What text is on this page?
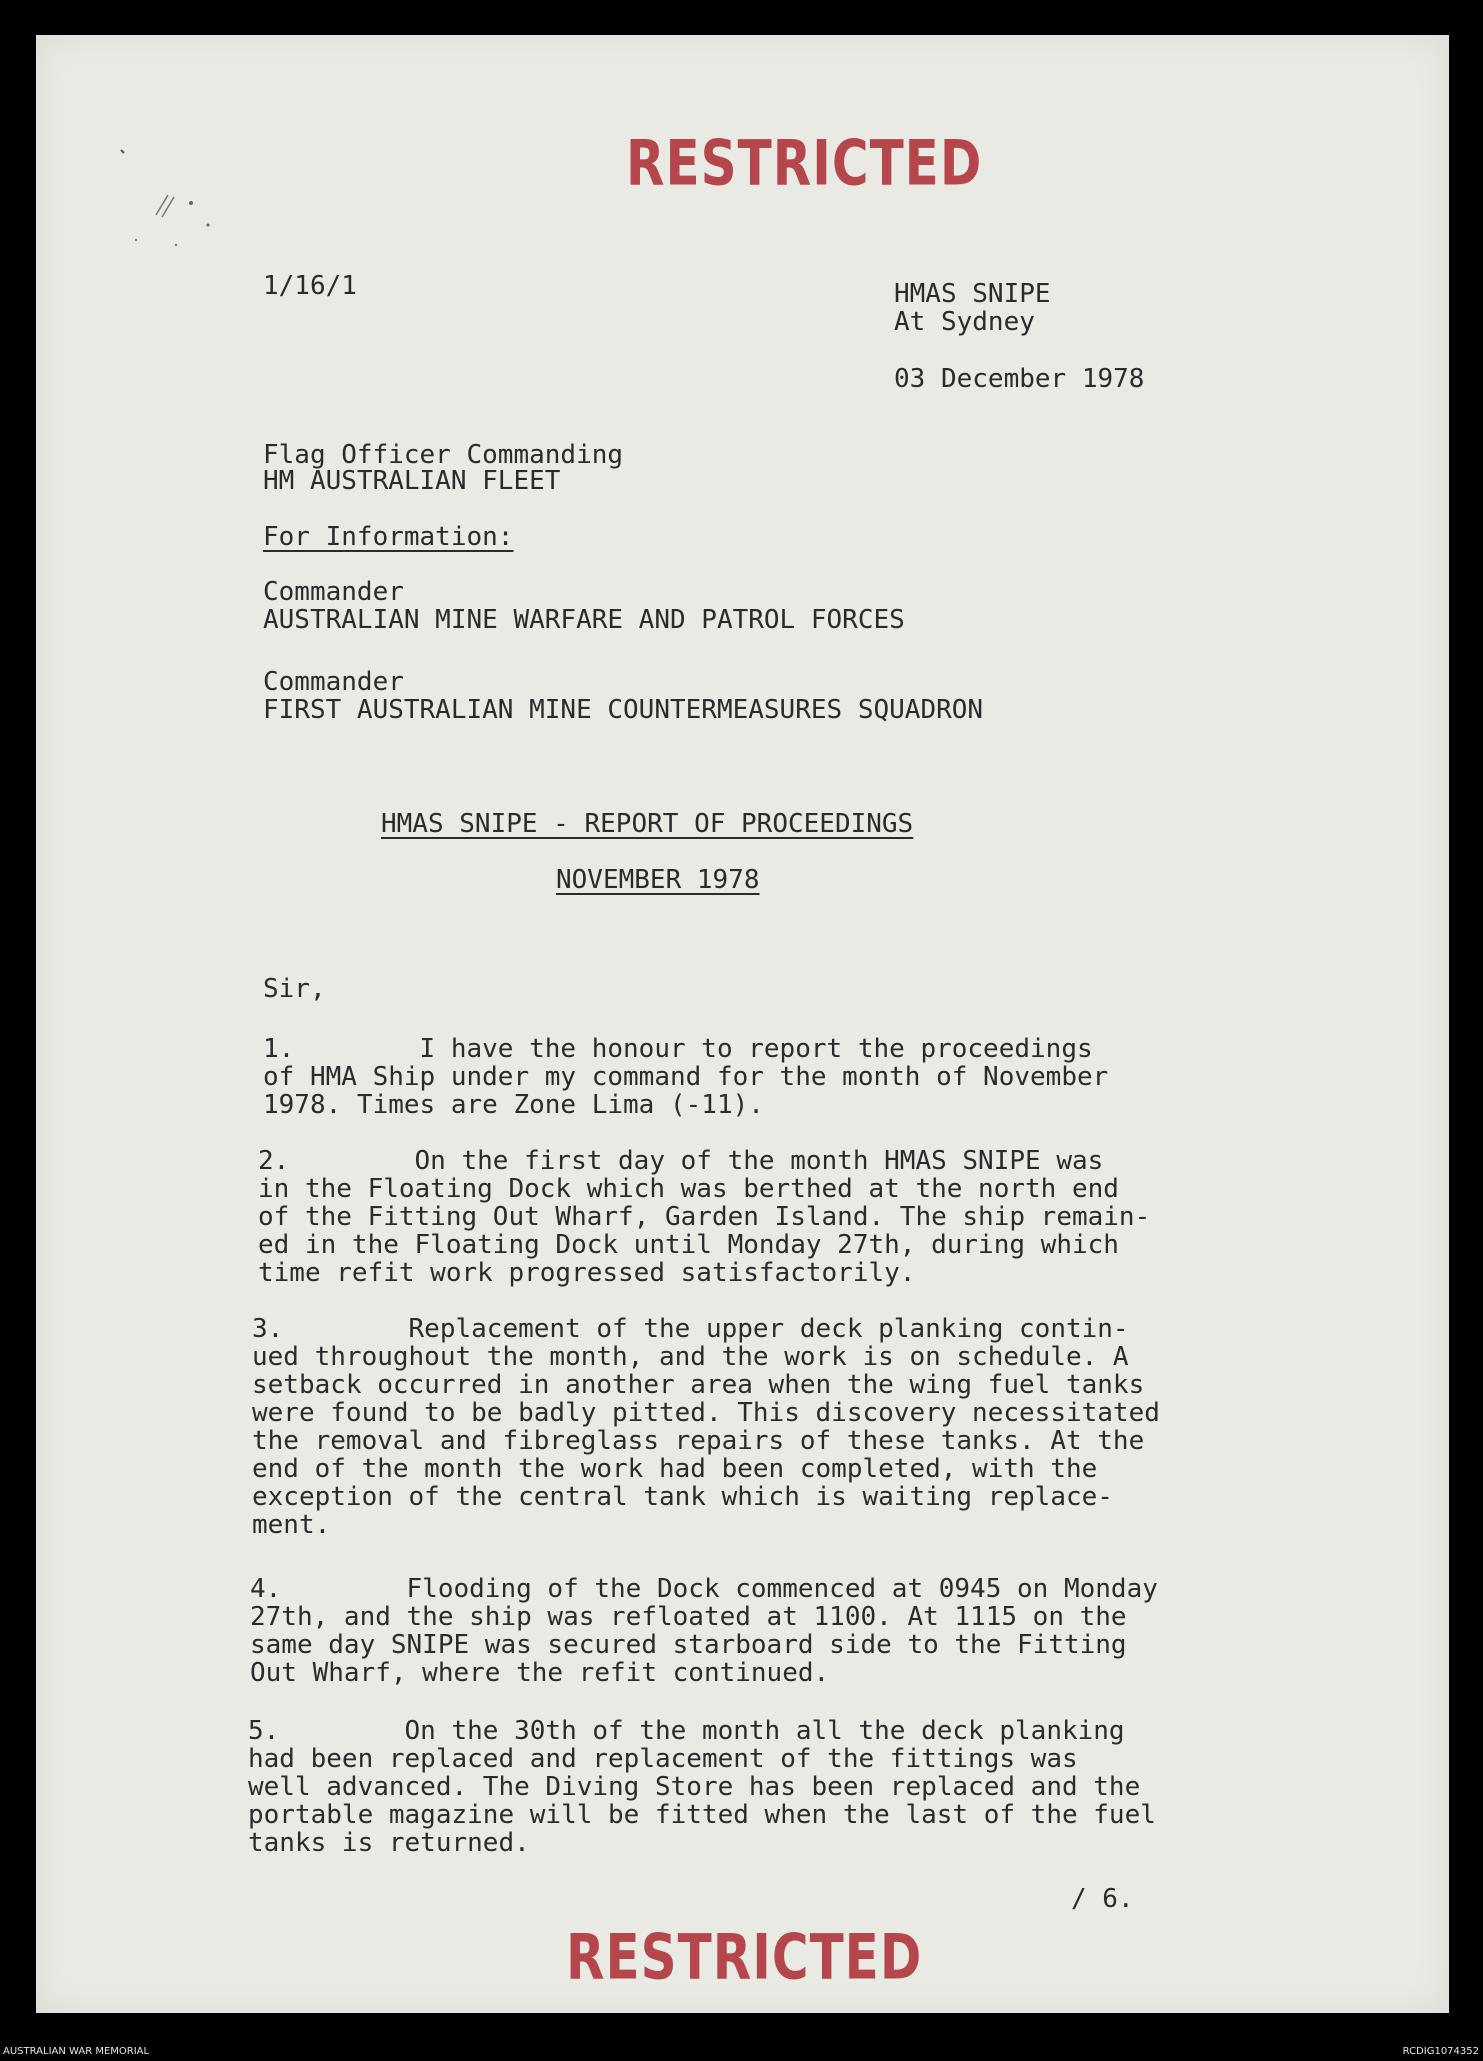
RESTRICTED
1/16/1	HMAS SNIPE
At Sydney
03 December 1978
Flag Officer Commanding
HM AUSTRALIAN FLEET
For Information:
Commander
AUSTRALIAN MINE WARFARE AND PATROL FORCES
Commander
FIRST AUSTRALIAN MINE COUNTERMEASURES SQUADRON
HMAS SNIPE - REPORT OF PROCEEDINGS
NOVEMBER 1978
Sir,
1.        I have the honour to report the proceedings
of HMA Ship under my command for the month of November
1978. Times are Zone Lima (-11).
2.        On the first day of the month HMAS SNIPE was
in the Floating Dock which was berthed at the north end
of the Fitting Out Wharf, Garden Island. The ship remain-
ed in the Floating Dock until Monday 27th, during which
time refit work progressed satisfactorily.
3.        Replacement of the upper deck planking contin-
ued throughout the month, and the work is on schedule. A
setback occurred in another area when the wing fuel tanks
were found to be badly pitted. This discovery necessitated
the removal and fibreglass repairs of these tanks. At the
end of the month the work had been completed, with the
exception of the central tank which is waiting replace-
ment.
4.        Flooding of the Dock commenced at 0945 on Monday
27th, and the ship was refloated at 1100. At 1115 on the
same day SNIPE was secured starboard side to the Fitting
Out Wharf, where the refit continued.
5.        On the 30th of the month all the deck planking
had been replaced and replacement of the fittings was
well advanced. The Diving Store has been replaced and the
portable magazine will be fitted when the last of the fuel
tanks is returned.
/ 6.
RESTRICTED
AUSTRALIAN WAR MEMORIAL	RCDIG1074352
